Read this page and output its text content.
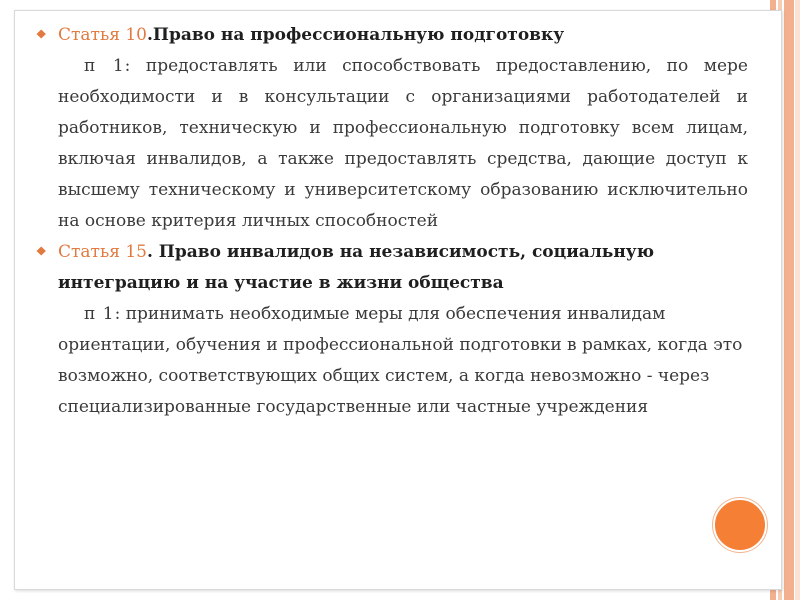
⯁ Статья 10.Право на профессиональную подготовку

п 1: предоставлять или способствовать предоставлению, по мере необходимости и в консультации с организациями работодателей и работников, техническую и профессиональную подготовку всем лицам, включая инвалидов, а также предоставлять средства, дающие доступ к высшему техническому и университетскому образованию исключительно на основе критерия личных способностей

⯁ Статья 15. Право инвалидов на независимость, социальную интеграцию и на участие в жизни общества

п 1: принимать необходимые меры для обеспечения инвалидам ориентации, обучения и профессиональной подготовки в рамках, когда это возможно, соответствующих общих систем, а когда невозможно - через специализированные государственные или частные учреждения
